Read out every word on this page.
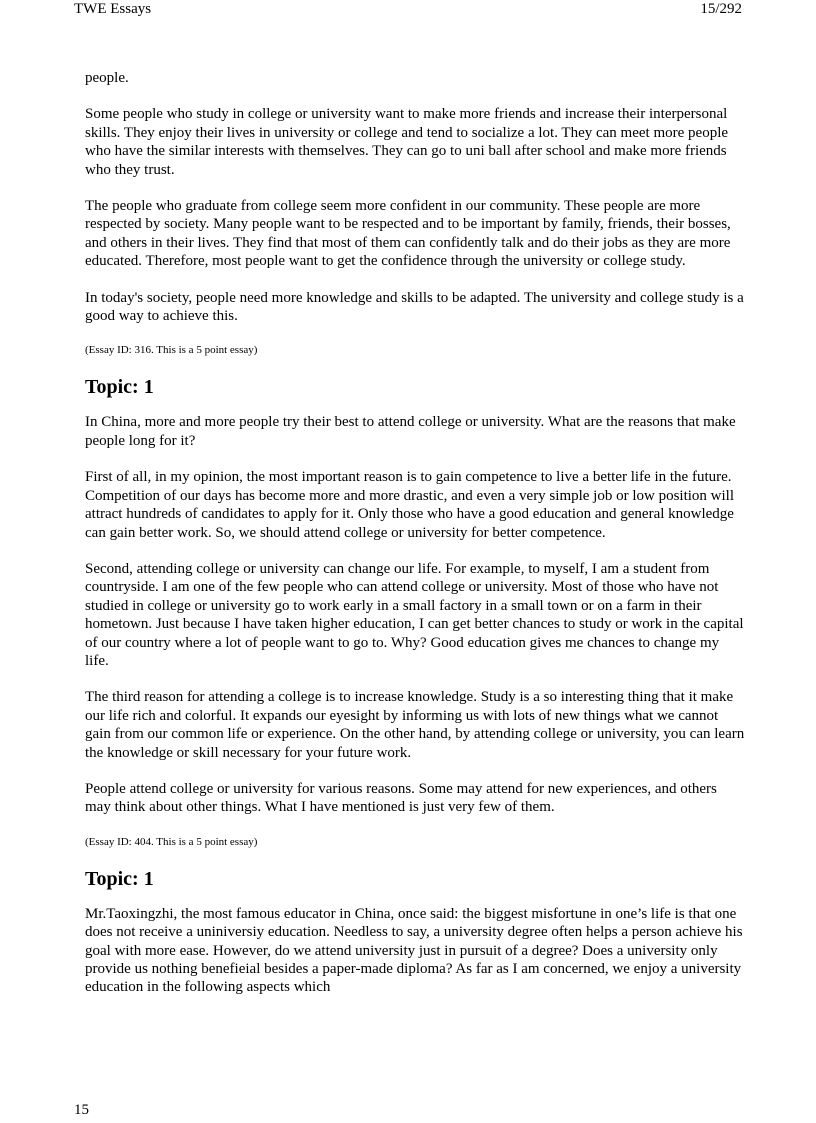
TWE Essays	15/292

people.

Some people who study in college or university want to make more friends and increase their interpersonal skills. They enjoy their lives in university or college and tend to socialize a lot. They can meet more people who have the similar interests with themselves. They can go to uni ball after school and make more friends who they trust.

The people who graduate from college seem more confident in our community. These people are more respected by society. Many people want to be respected and to be important by family, friends, their bosses, and others in their lives. They find that most of them can confidently talk and do their jobs as they are more educated. Therefore, most people want to get the confidence through the university or college study.

In today's society, people need more knowledge and skills to be adapted. The university and college study is a good way to achieve this.

(Essay ID: 316. This is a 5 point essay)

Topic: 1

In China, more and more people try their best to attend college or university. What are the reasons that make people long for it?

First of all, in my opinion, the most important reason is to gain competence to live a better life in the future. Competition of our days has become more and more drastic, and even a very simple job or low position will attract hundreds of candidates to apply for it. Only those who have a good education and general knowledge can gain better work. So, we should attend college or university for better competence.

Second, attending college or university can change our life. For example, to myself, I am a student from countryside. I am one of the few people who can attend college or university. Most of those who have not studied in college or university go to work early in a small factory in a small town or on a farm in their hometown. Just because I have taken higher education, I can get better chances to study or work in the capital of our country where a lot of people want to go to. Why? Good education gives me chances to change my life.

The third reason for attending a college is to increase knowledge. Study is a so interesting thing that it make our life rich and colorful. It expands our eyesight by informing us with lots of new things what we cannot gain from our common life or experience. On the other hand, by attending college or university, you can learn the knowledge or skill necessary for your future work.

People attend college or university for various reasons. Some may attend for new experiences, and others may think about other things. What I have mentioned is just very few of them.

(Essay ID: 404. This is a 5 point essay)

Topic: 1

Mr.Taoxingzhi, the most famous educator in China, once said: the biggest misfortune in one’s life is that one does not receive a uniniversiy education. Needless to say, a university degree often helps a person achieve his goal with more ease. However, do we attend university just in pursuit of a degree? Does a university only provide us nothing benefieial besides a paper-made diploma? As far as I am concerned, we enjoy a university education in the following aspects which

15
